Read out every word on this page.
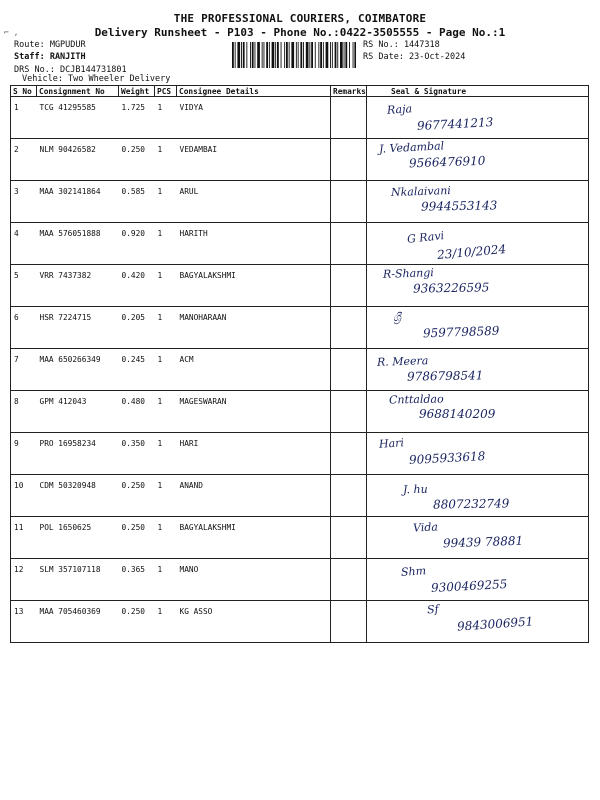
⌐ ,
THE PROFESSIONAL COURIERS, COIMBATORE
Delivery Runsheet - P103 - Phone No.:0422-3505555 - Page No.:1
Route: MGPUDUR
Staff: RANJITH
DRS No.: DCJB144731801
Vehicle: Two Wheeler Delivery
RS No.: 1447318
RS Date: 23-Oct-2024
S No	Consignment No	Weight	PCS	Consignee Details	Remarks	Seal & Signature
1	TCG 41295585	1.725	1	VIDYA		Raja
9677441213

2	NLM 90426582	0.250	1	VEDAMBAI		J. Vedambal
9566476910

3	MAA 302141864	0.585	1	ARUL		Nkalaivani
9944553143

4	MAA 576051888	0.920	1	HARITH		G Ravi
23/10/2024

5	VRR 7437382	0.420	1	BAGYALAKSHMI		R-Shangi
9363226595

6	HSR 7224715	0.205	1	MANOHARAAN		ශ්‍රී
9597798589

7	MAA 650266349	0.245	1	ACM		R. Meera
9786798541

8	GPM 412043	0.480	1	MAGESWARAN		Cnttaldao
9688140209

9	PRO 16958234	0.350	1	HARI		Hari
9095933618

10	CDM 50320948	0.250	1	ANAND		J. hu
8807232749

11	POL 1650625	0.250	1	BAGYALAKSHMI		Vida
99439 78881

12	SLM 357107118	0.365	1	MANO		Shm
9300469255

13	MAA 705460369	0.250	1	KG ASSO		Sf
9843006951
